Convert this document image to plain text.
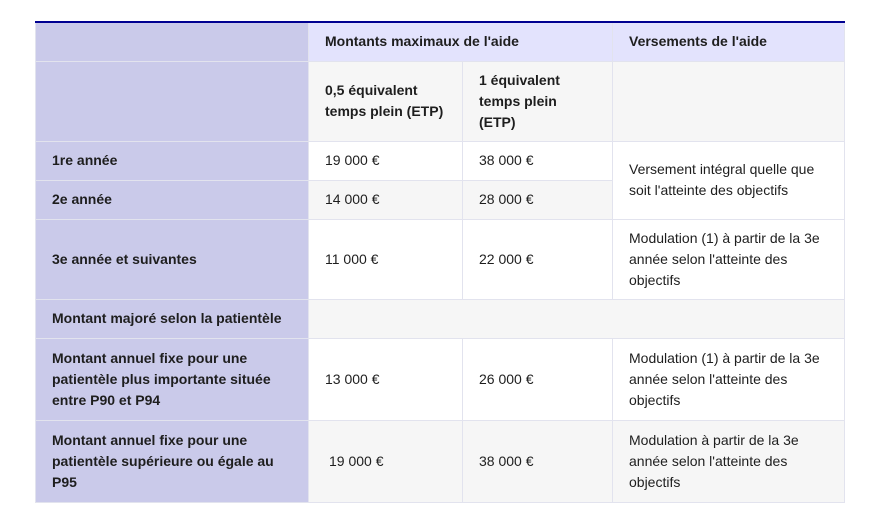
	Montants maximaux de l'aide		Versements de l'aide
	0,5 équivalent temps plein (ETP)	1 équivalent temps plein (ETP)	
1re année	19 000 €	38 000 €	Versement intégral quelle que soit l'atteinte des objectifs
2e année	14 000 €	28 000 €	
3e année et suivantes	11 000 €	22 000 €	Modulation (1) à partir de la 3e année selon l'atteinte des objectifs
Montant majoré selon la patientèle			
Montant annuel fixe pour une patientèle plus importante située entre P90 et P94	13 000 €	26 000 €	Modulation (1) à partir de la 3e année selon l'atteinte des objectifs
Montant annuel fixe pour une patientèle supérieure ou égale au P95	19 000 €	38 000 €	Modulation à partir de la 3e année selon l'atteinte des objectifs
